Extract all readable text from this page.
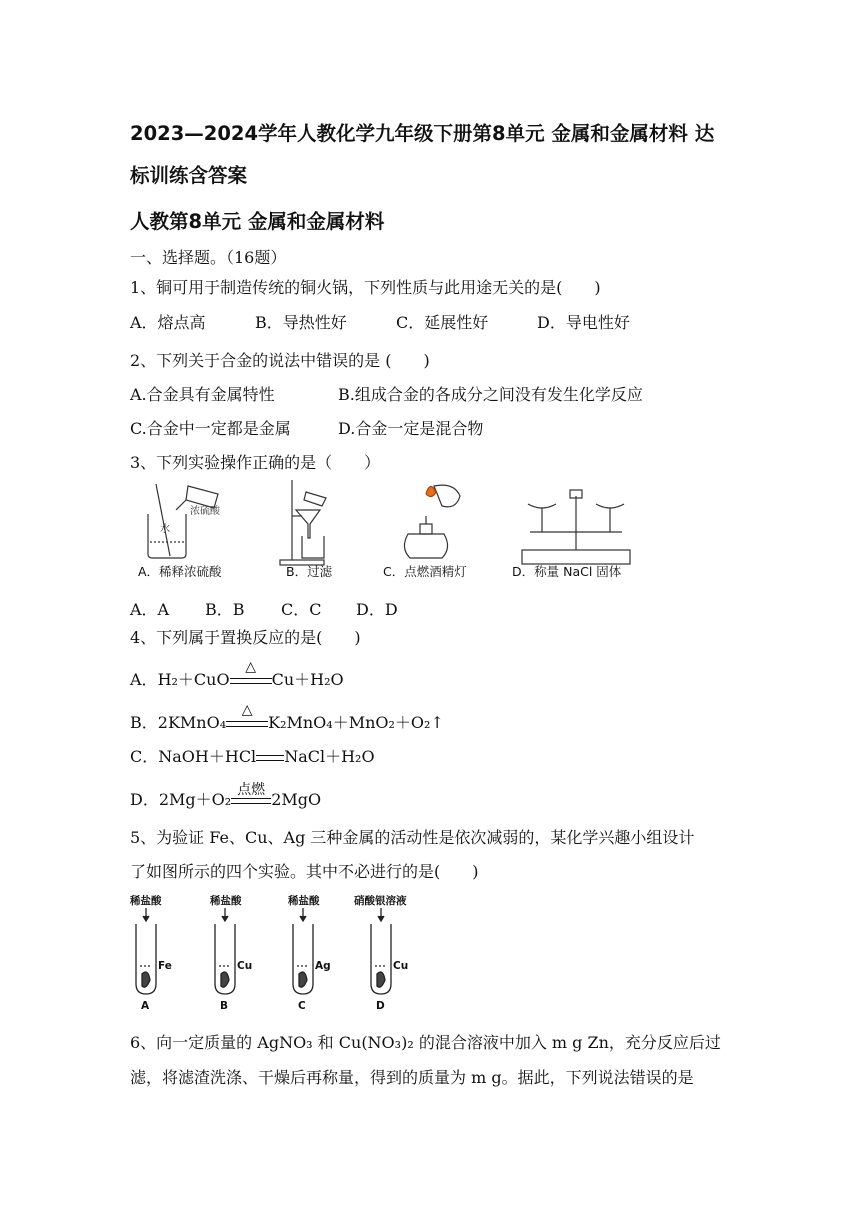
2023—2024学年人教化学九年级下册第8单元 金属和金属材料 达
标训练含答案
人教第8单元 金属和金属材料
一、选择题。（16题）
1、铜可用于制造传统的铜火锅，下列性质与此用途无关的是(　　)
A．熔点高	B．导热性好	C．延展性好	D．导电性好
2、下列关于合金的说法中错误的是 (　　)
A.合金具有金属特性	B.组成合金的各成分之间没有发生化学反应
C.合金中一定都是金属	D.合金一定是混合物
3、下列实验操作正确的是（　　）
浓硫酸
水
A．稀释浓硫酸	B．过滤	C．点燃酒精灯	D．称量 NaCl 固体
A．A B．B C．C D．D
4、下列属于置换反应的是(　　)
A．H₂＋CuO
△
Cu＋H₂O
B．2KMnO₄
△
K₂MnO₄＋MnO₂＋O₂↑
C．NaOH＋HCl NaCl＋H₂O
D．2Mg＋O₂
点燃
2MgO
5、为验证 Fe、Cu、Ag 三种金属的活动性是依次减弱的，某化学兴趣小组设计
了如图所示的四个实验。其中不必进行的是(　　)
稀盐酸	稀盐酸	稀盐酸	硝酸银溶液
Fe	Cu	Ag	Cu
A	B	C	D
6、向一定质量的 AgNO₃ 和 Cu(NO₃)₂ 的混合溶液中加入 m g Zn，充分反应后过
滤，将滤渣洗涤、干燥后再称量，得到的质量为 m g。据此，下列说法错误的是
